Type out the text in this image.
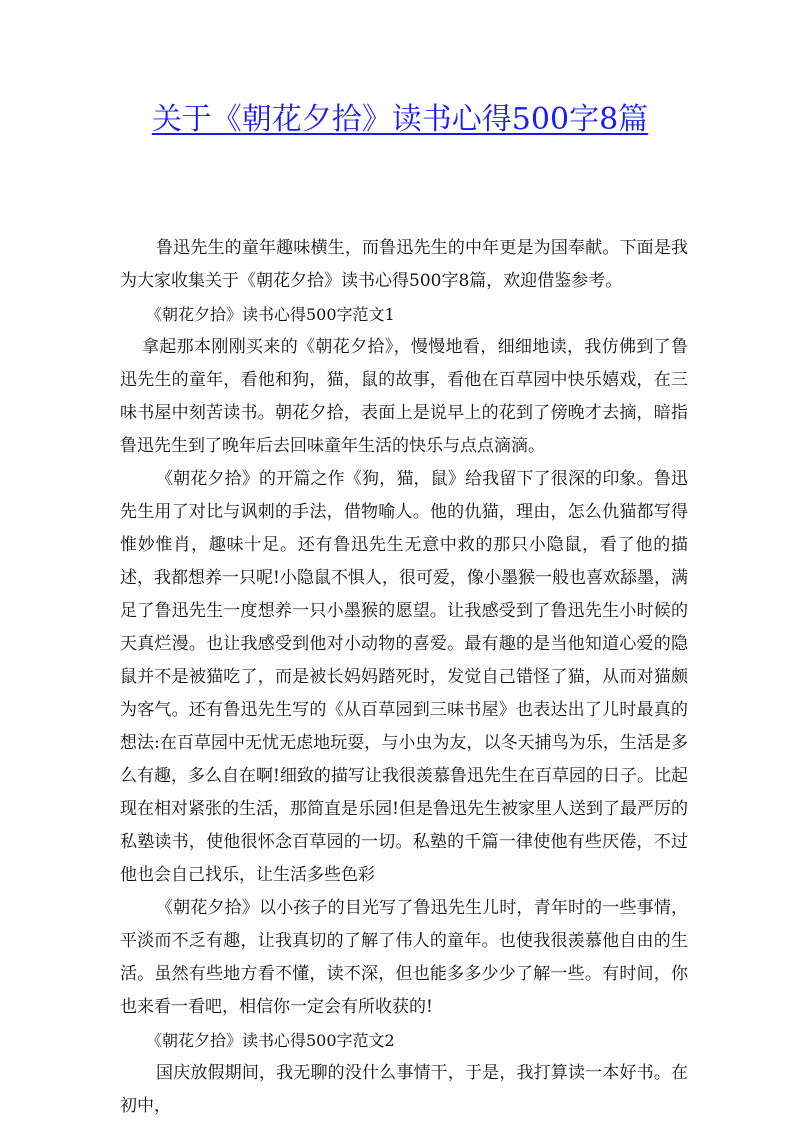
关于《朝花夕拾》读书心得500字8篇

鲁迅先生的童年趣味横生，而鲁迅先生的中年更是为国奉献。下面是我为大家收集关于《朝花夕拾》读书心得500字8篇，欢迎借鉴参考。

《朝花夕拾》读书心得500字范文1

拿起那本刚刚买来的《朝花夕拾》，慢慢地看，细细地读，我仿佛到了鲁迅先生的童年，看他和狗，猫，鼠的故事，看他在百草园中快乐嬉戏，在三味书屋中刻苦读书。朝花夕拾，表面上是说早上的花到了傍晚才去摘，暗指鲁迅先生到了晚年后去回味童年生活的快乐与点点滴滴。

《朝花夕拾》的开篇之作《狗，猫，鼠》给我留下了很深的印象。鲁迅先生用了对比与讽刺的手法，借物喻人。他的仇猫，理由，怎么仇猫都写得惟妙惟肖，趣味十足。还有鲁迅先生无意中救的那只小隐鼠，看了他的描述，我都想养一只呢!小隐鼠不惧人，很可爱，像小墨猴一般也喜欢舔墨，满足了鲁迅先生一度想养一只小墨猴的愿望。让我感受到了鲁迅先生小时候的天真烂漫。也让我感受到他对小动物的喜爱。最有趣的是当他知道心爱的隐鼠并不是被猫吃了，而是被长妈妈踏死时，发觉自己错怪了猫，从而对猫颇为客气。还有鲁迅先生写的《从百草园到三味书屋》也表达出了儿时最真的想法:在百草园中无忧无虑地玩耍，与小虫为友，以冬天捕鸟为乐，生活是多么有趣，多么自在啊!细致的描写让我很羡慕鲁迅先生在百草园的日子。比起现在相对紧张的生活，那简直是乐园!但是鲁迅先生被家里人送到了最严厉的私塾读书，使他很怀念百草园的一切。私塾的千篇一律使他有些厌倦，不过他也会自己找乐，让生活多些色彩

《朝花夕拾》以小孩子的目光写了鲁迅先生儿时，青年时的一些事情，平淡而不乏有趣，让我真切的了解了伟人的童年。也使我很羡慕他自由的生活。虽然有些地方看不懂，读不深，但也能多多少少了解一些。有时间，你也来看一看吧，相信你一定会有所收获的!

《朝花夕拾》读书心得500字范文2

国庆放假期间，我无聊的没什么事情干，于是，我打算读一本好书。在初中，
